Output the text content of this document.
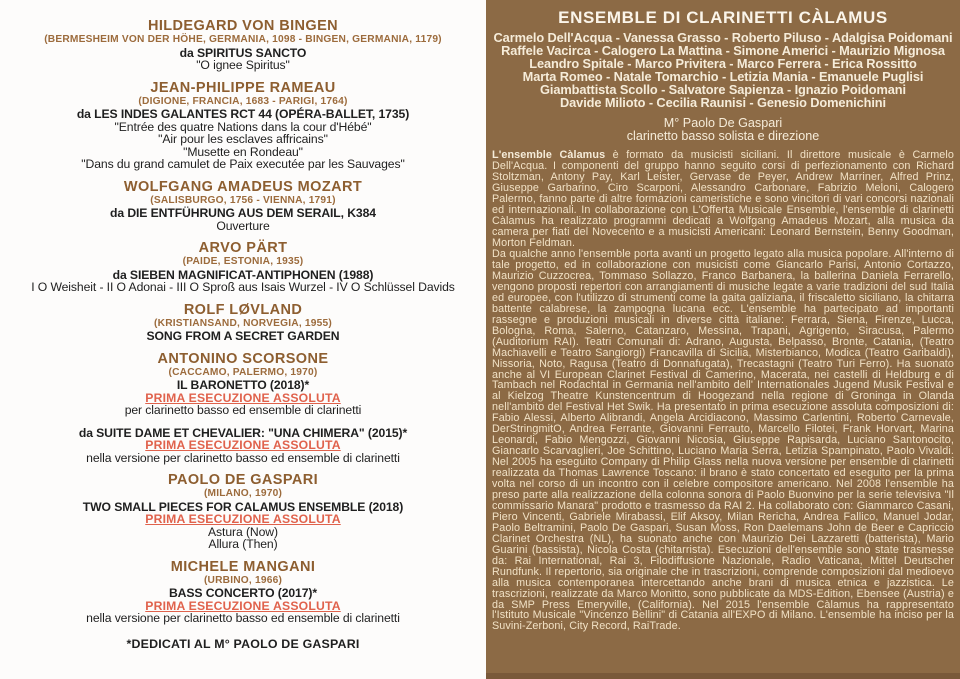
HILDEGARD VON BINGEN
(BERMESHEIM VON DER HÖHE, GERMANIA, 1098 - BINGEN, GERMANIA, 1179)
da SPIRITUS SANCTO
"O ignee Spiritus"
JEAN-PHILIPPE RAMEAU
(DIGIONE, FRANCIA, 1683 - PARIGI, 1764)
da LES INDES GALANTES RCT 44 (OPÉRA-BALLET, 1735)
"Entrée des quatre Nations dans la cour d'Hébé"
"Air pour les esclaves affricains"
"Musette en Rondeau"
"Dans du grand camulet de Paix executée par les Sauvages"
WOLFGANG AMADEUS MOZART
(SALISBURGO, 1756 - VIENNA, 1791)
da DIE ENTFÜHRUNG AUS DEM SERAIL, K384
Ouverture
ARVO PÄRT
(PAIDE, ESTONIA, 1935)
da SIEBEN MAGNIFICAT-ANTIPHONEN (1988)
I O Weisheit - II O Adonai - III O Sproß aus Isais Wurzel - IV O Schlüssel Davids
ROLF LØVLAND
(KRISTIANSAND, NORVEGIA, 1955)
SONG FROM A SECRET GARDEN
ANTONINO SCORSONE
(CACCAMO, PALERMO, 1970)
IL BARONETTO (2018)*
PRIMA ESECUZIONE ASSOLUTA
per clarinetto basso ed ensemble di clarinetti
da SUITE DAME ET CHEVALIER: "UNA CHIMERA" (2015)*
PRIMA ESECUZIONE ASSOLUTA
nella versione per clarinetto basso ed ensemble di clarinetti
PAOLO DE GASPARI
(MILANO, 1970)
TWO SMALL PIECES FOR CALAMUS ENSEMBLE (2018)
PRIMA ESECUZIONE ASSOLUTA
Astura (Now)
Allura (Then)
MICHELE MANGANI
(URBINO, 1966)
BASS CONCERTO (2017)*
PRIMA ESECUZIONE ASSOLUTA
nella versione per clarinetto basso ed ensemble di clarinetti
*DEDICATI AL M° PAOLO DE GASPARI
ENSEMBLE DI CLARINETTI CÀLAMUS
Carmelo Dell'Acqua - Vanessa Grasso - Roberto Piluso - Adalgisa Poidomani
Raffele Vacirca - Calogero La Mattina - Simone Americi - Maurizio Mignosa
Leandro Spitale - Marco Privitera - Marco Ferrera - Erica Rossitto
Marta Romeo - Natale Tomarchio - Letizia Mania - Emanuele Puglisi
Giambattista Scollo - Salvatore Sapienza - Ignazio Poidomani
Davide Milioto - Cecilia Raunisi - Genesio Domenichini
M° Paolo De Gaspari
clarinetto basso solista e direzione

L'ensemble Càlamus è formato da musicisti siciliani. Il direttore musicale è Carmelo Dell'Acqua. I componenti del gruppo hanno seguito corsi di perfezionamento con Richard Stoltzman, Antony Pay, Karl Leister, Gervase de Peyer, Andrew Marriner, Alfred Prinz, Giuseppe Garbarino, Ciro Scarponi, Alessandro Carbonare, Fabrizio Meloni, Calogero Palermo, fanno parte di altre formazioni cameristiche e sono vincitori di vari concorsi nazionali ed internazionali. In collaborazione con L'Offerta Musicale Ensemble, l'ensemble di clarinetti Càlamus ha realizzato programmi dedicati a Wolfgang Amadeus Mozart, alla musica da camera per fiati del Novecento e a musicisti Americani: Leonard Bernstein, Benny Goodman, Morton Feldman.

Da qualche anno l'ensemble porta avanti un progetto legato alla musica popolare. All'interno di tale progetto, ed in collaborazione con musicisti come Giancarlo Parisi, Antonio Cortazzo, Maurizio Cuzzocrea, Tommaso Sollazzo, Franco Barbanera, la ballerina Daniela Ferrarello, vengono proposti repertori con arrangiamenti di musiche legate a varie tradizioni del sud Italia ed europee, con l'utilizzo di strumenti come la gaita galiziana, il friscaletto siciliano, la chitarra battente calabrese, la zampogna lucana ecc. L'ensemble ha partecipato ad importanti rassegne e produzioni musicali in diverse città italiane: Ferrara, Siena, Firenze, Lucca, Bologna, Roma, Salerno, Catanzaro, Messina, Trapani, Agrigento, Siracusa, Palermo (Auditorium RAI). Teatri Comunali di: Adrano, Augusta, Belpasso, Bronte, Catania, (Teatro Machiavelli e Teatro Sangiorgi) Francavilla di Sicilia, Misterbianco, Modica (Teatro Garibaldi), Nissoria, Noto, Ragusa (Teatro di Donnafugata), Trecastagni (Teatro Turi Ferro). Ha suonato anche al VI European Clarinet Festival di Camerino, Macerata, nei castelli di Heldburg e di Tambach nel Rodachtal in Germania nell'ambito dell' Internationales Jugend Musik Festival e al Kielzog Theatre Kunstencentrum di Hoogezand nella regione di Groninga in Olanda nell'ambito del Festival Het Swik. Ha presentato in prima esecuzione assoluta composizioni di: Fabio Alessi, Alberto Alibrandi, Angela Arcidiacono, Massimo Carlentini, Roberto Carnevale, DerStringmitO, Andrea Ferrante, Giovanni Ferrauto, Marcello Filotei, Frank Horvart, Marina Leonardi, Fabio Mengozzi, Giovanni Nicosia, Giuseppe Rapisarda, Luciano Santonocito, Giancarlo Scarvaglieri, Joe Schittino, Luciano Maria Serra, Letizia Spampinato, Paolo Vivaldi. Nel 2005 ha eseguito Company di Philip Glass nella nuova versione per ensemble di clarinetti realizzata da Thomas Lawrence Toscano: il brano è stato concertato ed eseguito per la prima volta nel corso di un incontro con il celebre compositore americano. Nel 2008 l'ensemble ha preso parte alla realizzazione della colonna sonora di Paolo Buonvino per la serie televisiva "Il commissario Manara" prodotto e trasmesso da RAI 2. Ha collaborato con: Giammarco Casani, Piero Vincenti, Gabriele Mirabassi, Elif Aksoy, Milan Rericha, Andrea Fallico, Manuel Jodar, Paolo Beltramini, Paolo De Gaspari, Susan Moss, Ron Daelemans John de Beer e Capriccio Clarinet Orchestra (NL), ha suonato anche con Maurizio Dei Lazzaretti (batterista), Mario Guarini (bassista), Nicola Costa (chitarrista). Esecuzioni dell'ensemble sono state trasmesse da: Rai International, Rai 3, Filodiffusione Nazionale, Radio Vaticana, Mittel Deutscher Rundfunk. Il repertorio, sia originale che in trascrizioni, comprende composizioni dal medioevo alla musica contemporanea intercettando anche brani di musica etnica e jazzistica. Le trascrizioni, realizzate da Marco Monitto, sono pubblicate da MDS-Edition, Ebensee (Austria) e da SMP Press Emeryville, (California). Nel 2015 l'ensemble Càlamus ha rappresentato l'Istituto Musicale "Vincenzo Bellini" di Catania all'EXPO di Milano. L'ensemble ha inciso per la Suvini-Zerboni, City Record, RaiTrade.
